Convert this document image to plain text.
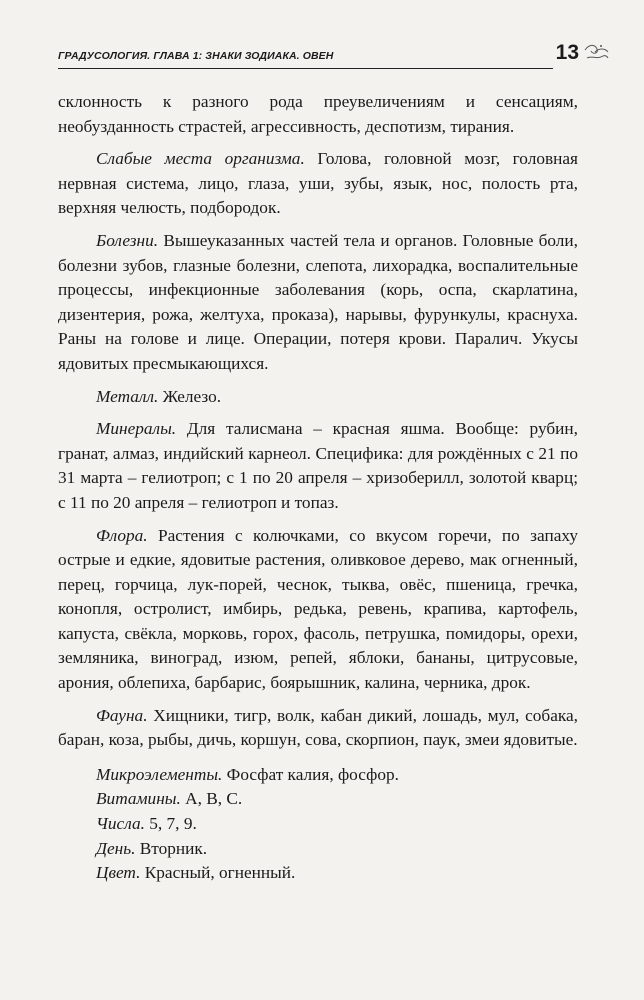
ГРАДУСОЛОГИЯ. ГЛАВА 1: ЗНАКИ ЗОДИАКА. ОВЕН	13

склонность к разного рода преувеличениям и сенсациям, необузданность страстей, агрессивность, деспотизм, тирания.

Слабые места организма. Голова, головной мозг, головная нервная система, лицо, глаза, уши, зубы, язык, нос, полость рта, верхняя челюсть, подбородок.

Болезни. Вышеуказанных частей тела и органов. Головные боли, болезни зубов, глазные болезни, слепота, лихорадка, воспалительные процессы, инфекционные заболевания (корь, оспа, скарлатина, дизентерия, рожа, желтуха, проказа), нарывы, фурункулы, краснуха. Раны на голове и лице. Операции, потеря крови. Паралич. Укусы ядовитых пресмыкающихся.

Металл. Железо.

Минералы. Для талисмана – красная яшма. Вообще: рубин, гранат, алмаз, индийский карнеол. Специфика: для рождённых с 21 по 31 марта – гелиотроп; с 1 по 20 апреля – хризоберилл, золотой кварц; с 11 по 20 апреля – гелиотроп и топаз.

Флора. Растения с колючками, со вкусом горечи, по запаху острые и едкие, ядовитые растения, оливковое дерево, мак огненный, перец, горчица, лук-порей, чеснок, тыква, овёс, пшеница, гречка, конопля, остролист, имбирь, редька, ревень, крапива, картофель, капуста, свёкла, морковь, горох, фасоль, петрушка, помидоры, орехи, земляника, виноград, изюм, репей, яблоки, бананы, цитрусовые, арония, облепиха, барбарис, боярышник, калина, черника, дрок.

Фауна. Хищники, тигр, волк, кабан дикий, лошадь, мул, собака, баран, коза, рыбы, дичь, коршун, сова, скорпион, паук, змеи ядовитые.

Микроэлементы. Фосфат калия, фосфор.
Витамины. А, В, С.
Числа. 5, 7, 9.
День. Вторник.
Цвет. Красный, огненный.
